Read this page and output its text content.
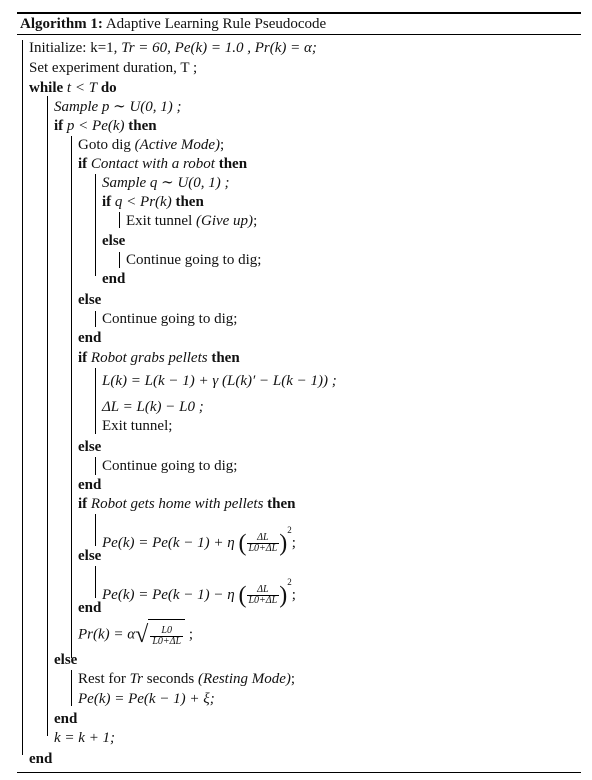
Algorithm 1: Adaptive Learning Rule Pseudocode
Initialize: k=1, Tr = 60, Pe(k) = 1.0 , Pr(k) = α;
Set experiment duration, T ;
while t < T do
Sample p ∼ U(0, 1) ;
if p < Pe(k) then
Goto dig (Active Mode);
if Contact with a robot then
Sample q ∼ U(0, 1) ;
if q < Pr(k) then
Exit tunnel (Give up);
else
Continue going to dig;
end
else
Continue going to dig;
end
if Robot grabs pellets then
L(k) = L(k − 1) + γ (L(k)′ − L(k − 1)) ;
ΔL = L(k) − L0 ;
Exit tunnel;
else
Continue going to dig;
end
if Robot gets home with pellets then
Pe(k) = Pe(k − 1) + η ( $\frac{\Delta L}{L0+\Delta L} )^2$;
else
Pe(k) = Pe(k − 1) − η ( $\frac{\Delta L}{L0+\Delta L} )^2$;
end
$Pr(k) = \alpha√ \frac{L0}{L0+\Delta L}$ ;
else
Rest for Tr seconds (Resting Mode);
Pe(k) = Pe(k − 1) + ξ;
end
k = k + 1;
end
